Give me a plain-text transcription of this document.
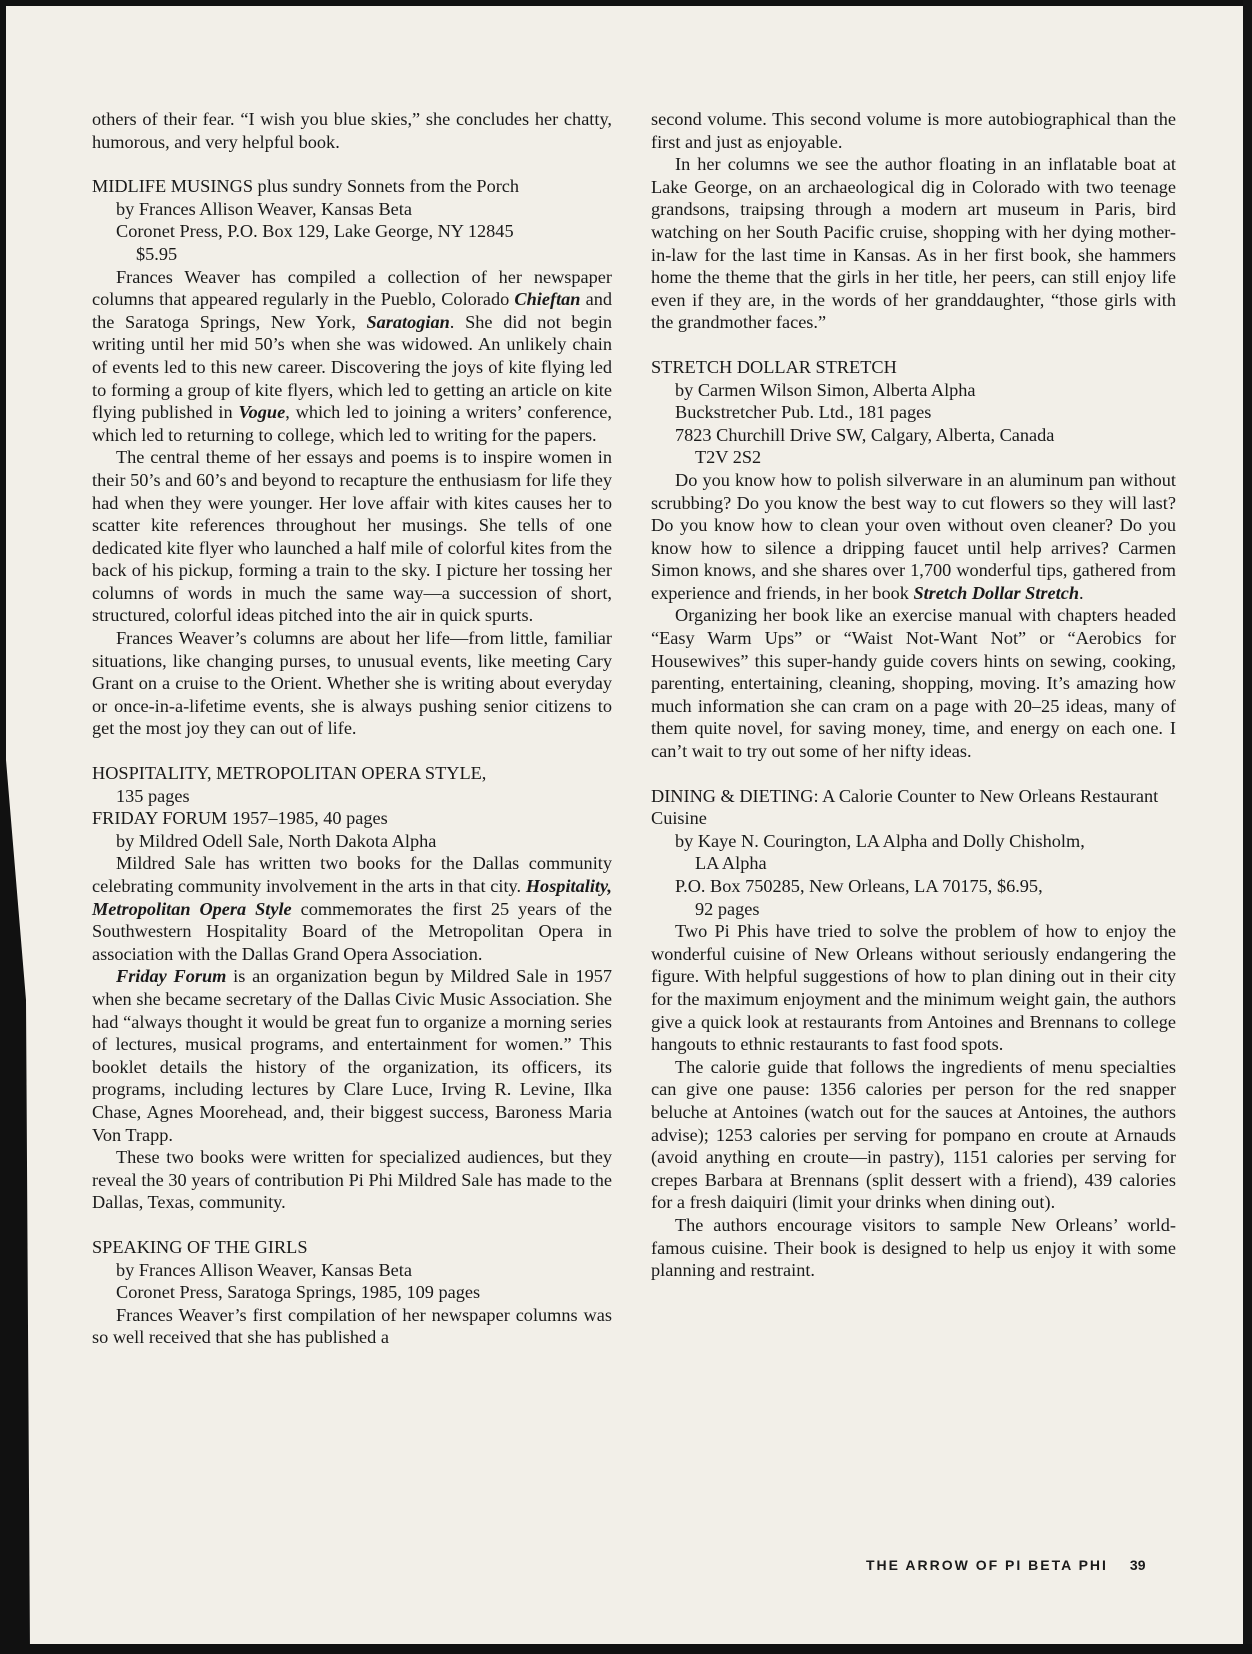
others of their fear. “I wish you blue skies,” she concludes her chatty, humorous, and very helpful book.

MIDLIFE MUSINGS plus sundry Sonnets from the Porch

by Frances Allison Weaver, Kansas Beta

Coronet Press, P.O. Box 129, Lake George, NY 12845

$5.95

Frances Weaver has compiled a collection of her newspaper columns that appeared regularly in the Pueblo, Colorado Chieftan and the Saratoga Springs, New York, Saratogian. She did not begin writing until her mid 50’s when she was widowed. An unlikely chain of events led to this new career. Discovering the joys of kite flying led to forming a group of kite flyers, which led to getting an article on kite flying published in Vogue, which led to joining a writers’ conference, which led to returning to college, which led to writing for the papers.

The central theme of her essays and poems is to inspire women in their 50’s and 60’s and beyond to recapture the enthusiasm for life they had when they were younger. Her love affair with kites causes her to scatter kite references throughout her musings. She tells of one dedicated kite flyer who launched a half mile of colorful kites from the back of his pickup, forming a train to the sky. I picture her tossing her columns of words in much the same way—a succession of short, structured, colorful ideas pitched into the air in quick spurts.

Frances Weaver’s columns are about her life—from little, familiar situations, like changing purses, to unusual events, like meeting Cary Grant on a cruise to the Orient. Whether she is writing about everyday or once-in-a-lifetime events, she is always pushing senior citizens to get the most joy they can out of life.

HOSPITALITY, METROPOLITAN OPERA STYLE,

135 pages

FRIDAY FORUM 1957–1985, 40 pages

by Mildred Odell Sale, North Dakota Alpha

Mildred Sale has written two books for the Dallas community celebrating community involvement in the arts in that city. Hospitality, Metropolitan Opera Style commemorates the first 25 years of the Southwestern Hospitality Board of the Metropolitan Opera in association with the Dallas Grand Opera Association.

Friday Forum is an organization begun by Mildred Sale in 1957 when she became secretary of the Dallas Civic Music Association. She had “always thought it would be great fun to organize a morning series of lectures, musical programs, and entertainment for women.” This booklet details the history of the organization, its officers, its programs, including lectures by Clare Luce, Irving R. Levine, Ilka Chase, Agnes Moorehead, and, their biggest success, Baroness Maria Von Trapp.

These two books were written for specialized audiences, but they reveal the 30 years of contribution Pi Phi Mildred Sale has made to the Dallas, Texas, community.

SPEAKING OF THE GIRLS

by Frances Allison Weaver, Kansas Beta

Coronet Press, Saratoga Springs, 1985, 109 pages

Frances Weaver’s first compilation of her newspaper columns was so well received that she has published a

second volume. This second volume is more autobiographical than the first and just as enjoyable.

In her columns we see the author floating in an inflatable boat at Lake George, on an archaeological dig in Colorado with two teenage grandsons, traipsing through a modern art museum in Paris, bird watching on her South Pacific cruise, shopping with her dying mother-in-law for the last time in Kansas. As in her first book, she hammers home the theme that the girls in her title, her peers, can still enjoy life even if they are, in the words of her granddaughter, “those girls with the grandmother faces.”

STRETCH DOLLAR STRETCH

by Carmen Wilson Simon, Alberta Alpha

Buckstretcher Pub. Ltd., 181 pages

7823 Churchill Drive SW, Calgary, Alberta, Canada

T2V 2S2

Do you know how to polish silverware in an aluminum pan without scrubbing? Do you know the best way to cut flowers so they will last? Do you know how to clean your oven without oven cleaner? Do you know how to silence a dripping faucet until help arrives? Carmen Simon knows, and she shares over 1,700 wonderful tips, gathered from experience and friends, in her book Stretch Dollar Stretch.

Organizing her book like an exercise manual with chapters headed “Easy Warm Ups” or “Waist Not-Want Not” or “Aerobics for Housewives” this super-handy guide covers hints on sewing, cooking, parenting, entertaining, cleaning, shopping, moving. It’s amazing how much information she can cram on a page with 20–25 ideas, many of them quite novel, for saving money, time, and energy on each one. I can’t wait to try out some of her nifty ideas.

DINING & DIETING: A Calorie Counter to New Orleans Restaurant Cuisine

by Kaye N. Courington, LA Alpha and Dolly Chisholm,

LA Alpha

P.O. Box 750285, New Orleans, LA 70175, $6.95,

92 pages

Two Pi Phis have tried to solve the problem of how to enjoy the wonderful cuisine of New Orleans without seriously endangering the figure. With helpful suggestions of how to plan dining out in their city for the maximum enjoyment and the minimum weight gain, the authors give a quick look at restaurants from Antoines and Brennans to college hangouts to ethnic restaurants to fast food spots.

The calorie guide that follows the ingredients of menu specialties can give one pause: 1356 calories per person for the red snapper beluche at Antoines (watch out for the sauces at Antoines, the authors advise); 1253 calories per serving for pompano en croute at Arnauds (avoid anything en croute—in pastry), 1151 calories per serving for crepes Barbara at Brennans (split dessert with a friend), 439 calories for a fresh daiquiri (limit your drinks when dining out).

The authors encourage visitors to sample New Orleans’ world-famous cuisine. Their book is designed to help us enjoy it with some planning and restraint.

THE ARROW OF PI BETA PHI 39
